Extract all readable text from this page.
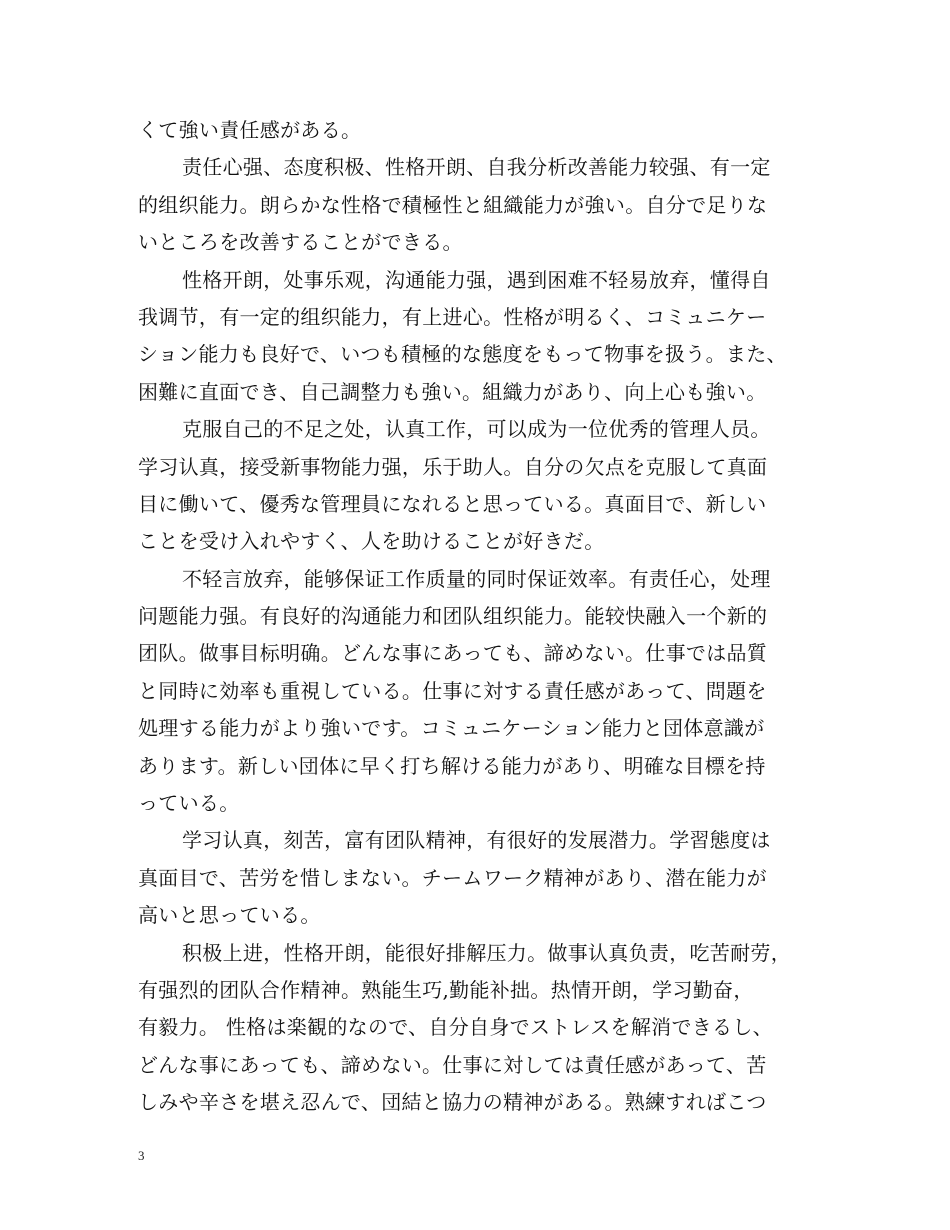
くて強い責任感がある。
责任心强、态度积极、性格开朗、自我分析改善能力较强、有一定
的组织能力。朗らかな性格で積極性と組織能力が強い。自分で足りな
いところを改善することができる。
性格开朗，处事乐观，沟通能力强，遇到困难不轻易放弃，懂得自
我调节，有一定的组织能力，有上进心。性格が明るく、コミュニケー
ション能力も良好で、いつも積極的な態度をもって物事を扱う。また、
困難に直面でき、自己調整力も強い。組織力があり、向上心も強い。
克服自己的不足之处，认真工作，可以成为一位优秀的管理人员。
学习认真，接受新事物能力强，乐于助人。自分の欠点を克服して真面
目に働いて、優秀な管理員になれると思っている。真面目で、新しい
ことを受け入れやすく、人を助けることが好きだ。
不轻言放弃，能够保证工作质量的同时保证效率。有责任心，处理
问题能力强。有良好的沟通能力和团队组织能力。能较快融入一个新的
团队。做事目标明确。どんな事にあっても、諦めない。仕事では品質
と同時に効率も重視している。仕事に対する責任感があって、問題を
処理する能力がより強いです。コミュニケーション能力と団体意識が
あります。新しい団体に早く打ち解ける能力があり、明確な目標を持
っている。
学习认真，刻苦，富有团队精神，有很好的发展潜力。学習態度は
真面目で、苦労を惜しまない。チームワーク精神があり、潜在能力が
高いと思っている。
积极上进，性格开朗，能很好排解压力。做事认真负责，吃苦耐劳，
有强烈的团队合作精神。熟能生巧,勤能补拙。热情开朗，学习勤奋，
有毅力。 性格は楽観的なので、自分自身でストレスを解消できるし、
どんな事にあっても、諦めない。仕事に対しては責任感があって、苦
しみや辛さを堪え忍んで、団結と協力の精神がある。熟練すればこつ
3
